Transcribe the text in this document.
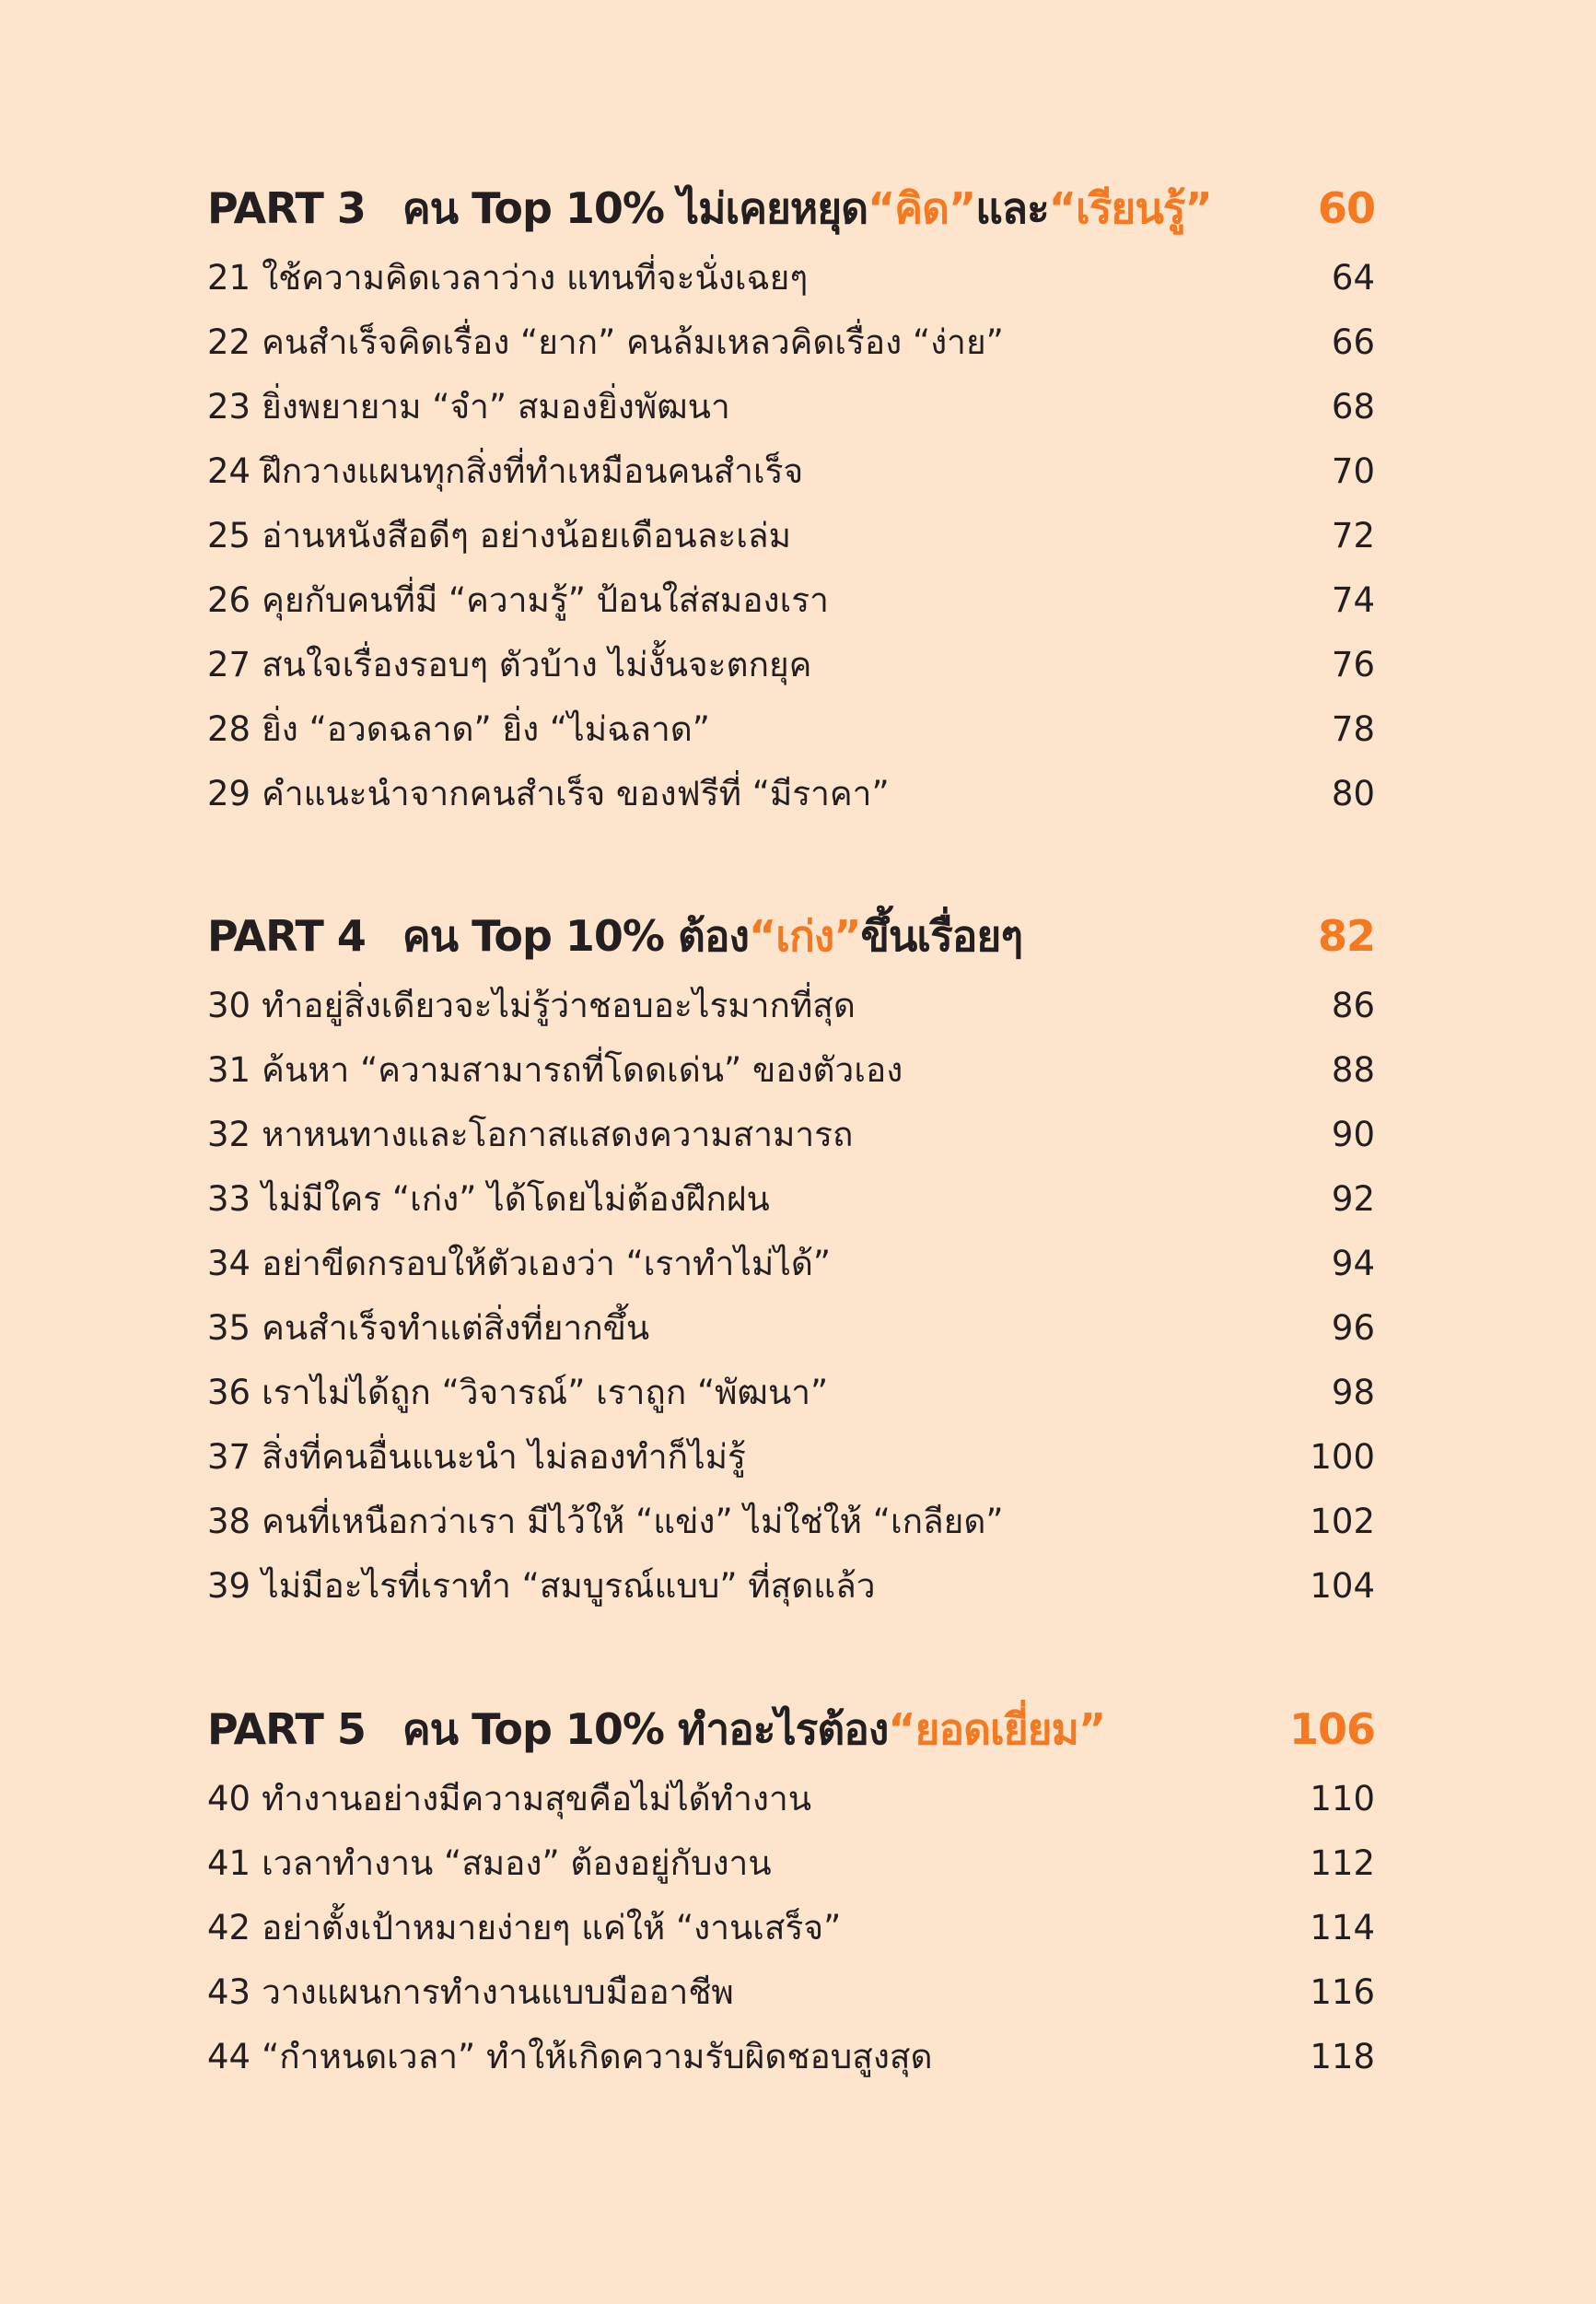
PART 3 คน Top 10% ไม่เคยหยุด “คิด” และ “เรียนรู้”	60
21 ใช้ความคิดเวลาว่าง แทนที่จะนั่งเฉยๆ	64
22 คนสำเร็จคิดเรื่อง “ยาก” คนล้มเหลวคิดเรื่อง “ง่าย”	66
23 ยิ่งพยายาม “จำ” สมองยิ่งพัฒนา	68
24 ฝึกวางแผนทุกสิ่งที่ทำเหมือนคนสำเร็จ	70
25 อ่านหนังสือดีๆ อย่างน้อยเดือนละเล่ม	72
26 คุยกับคนที่มี “ความรู้” ป้อนใส่สมองเรา	74
27 สนใจเรื่องรอบๆ ตัวบ้าง ไม่งั้นจะตกยุค	76
28 ยิ่ง “อวดฉลาด” ยิ่ง “ไม่ฉลาด”	78
29 คำแนะนำจากคนสำเร็จ ของฟรีที่ “มีราคา”	80
PART 4 คน Top 10% ต้อง “เก่ง” ขึ้นเรื่อยๆ	82
30 ทำอยู่สิ่งเดียวจะไม่รู้ว่าชอบอะไรมากที่สุด	86
31 ค้นหา “ความสามารถที่โดดเด่น” ของตัวเอง	88
32 หาหนทางและโอกาสแสดงความสามารถ	90
33 ไม่มีใคร “เก่ง” ได้โดยไม่ต้องฝึกฝน	92
34 อย่าขีดกรอบให้ตัวเองว่า “เราทำไม่ได้”	94
35 คนสำเร็จทำแต่สิ่งที่ยากขึ้น	96
36 เราไม่ได้ถูก “วิจารณ์” เราถูก “พัฒนา”	98
37 สิ่งที่คนอื่นแนะนำ ไม่ลองทำก็ไม่รู้	100
38 คนที่เหนือกว่าเรา มีไว้ให้ “แข่ง” ไม่ใช่ให้ “เกลียด”	102
39 ไม่มีอะไรที่เราทำ “สมบูรณ์แบบ” ที่สุดแล้ว	104
PART 5 คน Top 10% ทำอะไรต้อง “ยอดเยี่ยม”	106
40 ทำงานอย่างมีความสุขคือไม่ได้ทำงาน	110
41 เวลาทำงาน “สมอง” ต้องอยู่กับงาน	112
42 อย่าตั้งเป้าหมายง่ายๆ แค่ให้ “งานเสร็จ”	114
43 วางแผนการทำงานแบบมืออาชีพ	116
44 “กำหนดเวลา” ทำให้เกิดความรับผิดชอบสูงสุด	118
